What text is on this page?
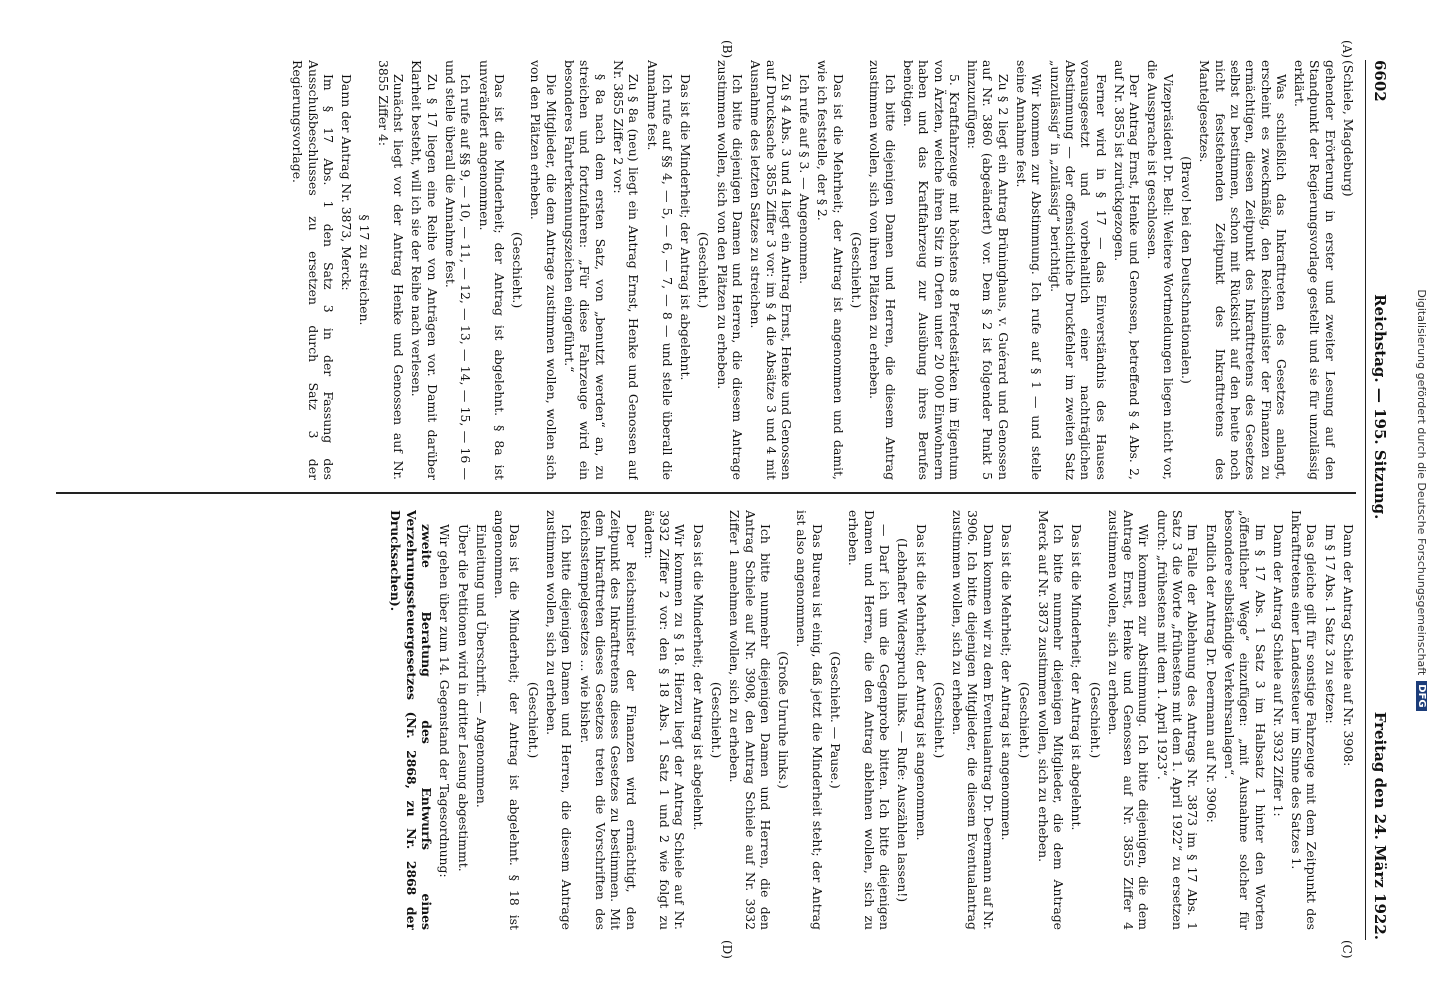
6602
Reichstag. — 195. Sitzung.
Freitag den 24. März 1922.
(A)
(B)
(C)
(D)

(Schiele, Magdeburg)

gehender Erörterung in erster und zweiter Lesung auf den Standpunkt der Regierungsvorlage gestellt und sie für unzulässig erklärt.

Was schließlich das Inkrafttreten des Gesetzes anlangt, erscheint es zweckmäßig, den Reichsminister der Finanzen zu ermächtigen, diesen Zeitpunkt des Inkrafttretens des Gesetzes selbst zu bestimmen, schon mit Rücksicht auf den heute noch nicht feststehenden Zeitpunkt des Inkrafttretens des Mantelgesetzes.

(Bravo! bei den Deutschnationalen.)

Vizepräsident Dr. Bell: Weitere Wortmeldungen liegen nicht vor, die Aussprache ist geschlossen.

Der Antrag Ernst, Henke und Genossen, betreffend § 4 Abs. 2, auf Nr. 3855 ist zurückgezogen.

Ferner wird in § 17 — das Einverständnis des Hauses vorausgesetzt und vorbehaltlich einer nachträglichen Abstimmung — der offensichtliche Druckfehler im zweiten Satz „unzulässig“ in „zulässig“ berichtigt.

Wir kommen zur Abstimmung. Ich rufe auf § 1 — und stelle seine Annahme fest.

Zu § 2 liegt ein Antrag Brüninghaus, v. Guérard und Genossen auf Nr. 3860 (abgeändert) vor. Dem § 2 ist folgender Punkt 5 hinzuzufügen:

5. Kraftfahrzeuge mit höchstens 8 Pferdestärken im Eigentum von Ärzten, welche ihren Sitz in Orten unter 20 000 Einwohnern haben und das Kraftfahrzeug zur Ausübung ihres Berufes benötigen.

Ich bitte diejenigen Damen und Herren, die diesem Antrag zustimmen wollen, sich von ihren Plätzen zu erheben.

(Geschieht.)

Das ist die Mehrheit; der Antrag ist angenommen und damit, wie ich feststelle, der § 2.

Ich rufe auf § 3. — Angenommen.

Zu § 4 Abs. 3 und 4 liegt ein Antrag Ernst, Henke und Genossen auf Drucksache 3855 Ziffer 3 vor: im § 4 die Absätze 3 und 4 mit Ausnahme des letzten Satzes zu streichen.

Ich bitte diejenigen Damen und Herren, die diesem Antrage zustimmen wollen, sich von den Plätzen zu erheben.

(Geschieht.)

Das ist die Minderheit; der Antrag ist abgelehnt.

Ich rufe auf §§ 4, — 5, — 6, — 7, — 8 — und stelle überall die Annahme fest.

Zu § 8a (neu) liegt ein Antrag Ernst, Henke und Genossen auf Nr. 3855 Ziffer 2 vor:

§ 8a nach dem ersten Satz, von „benutzt werden“ an, zu streichen und fortzufahren: „Für diese Fahrzeuge wird ein besonderes Fahrterkennungszeichen eingeführt.“

Die Mitglieder, die dem Antrage zustimmen wollen, wollen sich von den Plätzen erheben.

(Geschieht.)

Das ist die Minderheit; der Antrag ist abgelehnt. § 8a ist unverändert angenommen.

Ich rufe auf §§ 9, — 10, — 11, — 12, — 13, — 14, — 15, — 16 — und stelle überall die Annahme fest.

Zu § 17 liegen eine Reihe von Anträgen vor. Damit darüber Klarheit besteht, will ich sie der Reihe nach verlesen.

Zunächst liegt vor der Antrag Henke und Genossen auf Nr. 3855 Ziffer 4:

§ 17 zu streichen.

Dann der Antrag Nr. 3873, Merck:

Im § 17 Abs. 1 den Satz 3 in der Fassung des Ausschußbeschlusses zu ersetzen durch Satz 3 der Regierungsvorlage.

Dann der Antrag Schiele auf Nr. 3908:

Im § 17 Abs. 1 Satz 3 zu setzen:

Das gleiche gilt für sonstige Fahrzeuge mit dem Zeitpunkt des Inkrafttretens einer Landessteuer im Sinne des Satzes 1.

Dann der Antrag Schiele auf Nr. 3932 Ziffer 1:

Im § 17 Abs. 1 Satz 3 im Halbsatz 1 hinter den Worten „öffentlicher Wege“ einzufügen: „mit Ausnahme solcher für besondere selbständige Verkehrsanlagen“.

Endlich der Antrag Dr. Deermann auf Nr. 3906:

Im Falle der Ablehnung des Antrags Nr. 3873 im § 17 Abs. 1 Satz 3 die Worte „frühestens mit dem 1. April 1922“ zu ersetzen durch: „frühestens mit dem 1. April 1923“.

Wir kommen zur Abstimmung. Ich bitte diejenigen, die dem Antrage Ernst, Henke und Genossen auf Nr. 3855 Ziffer 4 zustimmen wollen, sich zu erheben.

(Geschieht.)

Das ist die Minderheit; der Antrag ist abgelehnt.

Ich bitte nunmehr diejenigen Mitglieder, die dem Antrage Merck auf Nr. 3873 zustimmen wollen, sich zu erheben.

(Geschieht.)

Das ist die Mehrheit; der Antrag ist angenommen.

Dann kommen wir zu dem Eventualantrag Dr. Deermann auf Nr. 3906. Ich bitte diejenigen Mitglieder, die diesem Eventualantrag zustimmen wollen, sich zu erheben.

(Geschieht.)

Das ist die Mehrheit; der Antrag ist angenommen.

(Lebhafter Widerspruch links. — Rufe: Auszählen lassen!)

— Darf ich um die Gegenprobe bitten. Ich bitte diejenigen Damen und Herren, die den Antrag ablehnen wollen, sich zu erheben.

(Geschieht. — Pause.)

Das Bureau ist einig, daß jetzt die Minderheit steht; der Antrag ist also angenommen.

(Große Unruhe links.)

Ich bitte nunmehr diejenigen Damen und Herren, die den Antrag Schiele auf Nr. 3908, den Antrag Schiele auf Nr. 3932 Ziffer 1 annehmen wollen, sich zu erheben.

(Geschieht.)

Das ist die Minderheit; der Antrag ist abgelehnt.

Wir kommen zu § 18. Hierzu liegt der Antrag Schiele auf Nr. 3932 Ziffer 2 vor: den § 18 Abs. 1 Satz 1 und 2 wie folgt zu ändern:

Der Reichsminister der Finanzen wird ermächtigt, den Zeitpunkt des Inkrafttretens dieses Gesetzes zu bestimmen. Mit dem Inkrafttreten dieses Gesetzes treten die Vorschriften des Reichsstempelgesetzes ... wie bisher.

Ich bitte diejenigen Damen und Herren, die diesem Antrage zustimmen wollen, sich zu erheben.

(Geschieht.)

Das ist die Minderheit; der Antrag ist abgelehnt. § 18 ist angenommen.

Einleitung und Überschrift. — Angenommen.

Über die Petitionen wird in dritter Lesung abgestimmt.

Wir gehen über zum 14. Gegenstand der Tagesordnung:

zweite Beratung des Entwurfs eines Verzehrungssteuergesetzes (Nr. 2868, zu Nr. 2868 der Drucksachen).	Digitalisierung gefördert durch die Deutsche Forschungsgemeinschaft
DFG
